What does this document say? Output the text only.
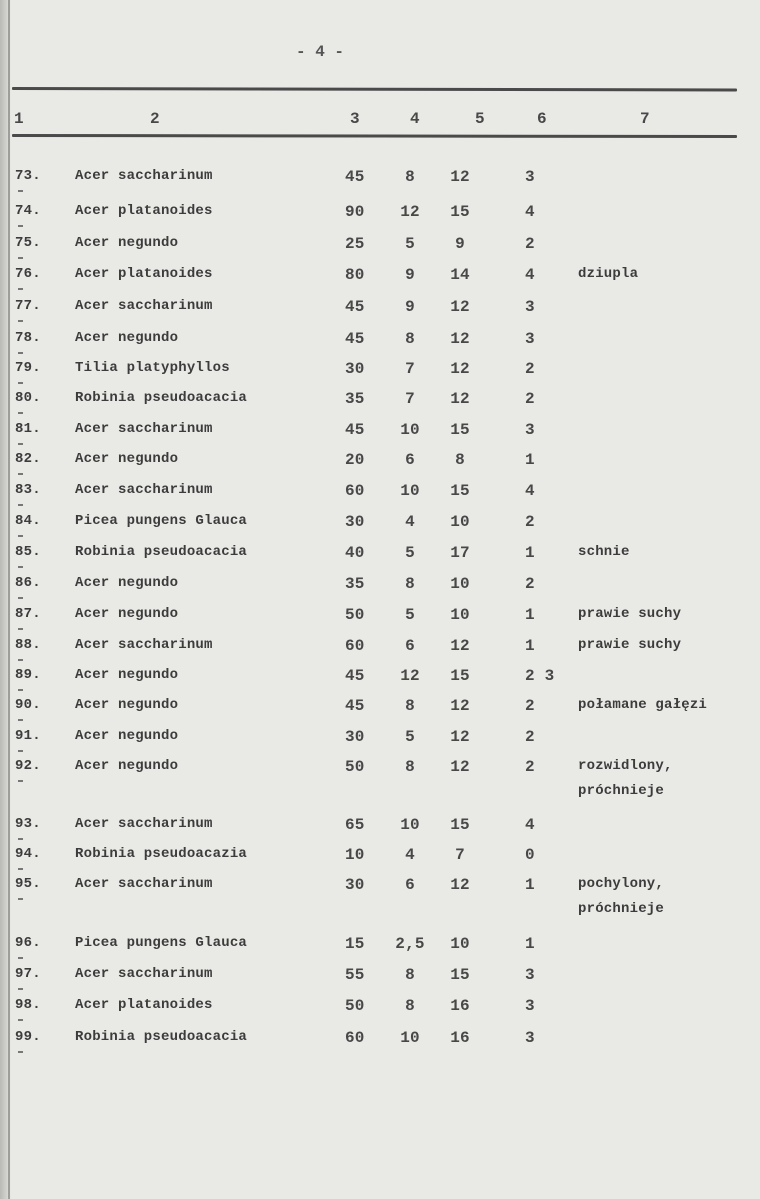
- 4 -
1	2	3	4	5	6	7
73. Acer saccharinum	45	8	12	3
74. Acer platanoides	90	12	15	4
75. Acer negundo	25	5	9	2
76. Acer platanoides	80	9	14	4	dziupla
77. Acer saccharinum	45	9	12	3
78. Acer negundo	45	8	12	3
79. Tilia platyphyllos	30	7	12	2
80. Robinia pseudoacacia	35	7	12	2
81. Acer saccharinum	45	10	15	3
82. Acer negundo	20	6	8	1
83. Acer saccharinum	60	10	15	4
84. Picea pungens Glauca	30	4	10	2
85. Robinia pseudoacacia	40	5	17	1	schnie
86. Acer negundo	35	8	10	2
87. Acer negundo	50	5	10	1	prawie suchy
88. Acer saccharinum	60	6	12	1	prawie suchy
89. Acer negundo	45	12	15	2 3
90. Acer negundo	45	8	12	2	połamane gałęzi
91. Acer negundo	30	5	12	2
92. Acer negundo	50	8	12	2	rozwidlony,
próchnieje
93. Acer saccharinum	65	10	15	4
94. Robinia pseudoacazia	10	4	7	0
95. Acer saccharinum	30	6	12	1	pochylony,
próchnieje
96. Picea pungens Glauca	15	2,5	10	1
97. Acer saccharinum	55	8	15	3
98. Acer platanoides	50	8	16	3
99. Robinia pseudoacacia	60	10	16	3
